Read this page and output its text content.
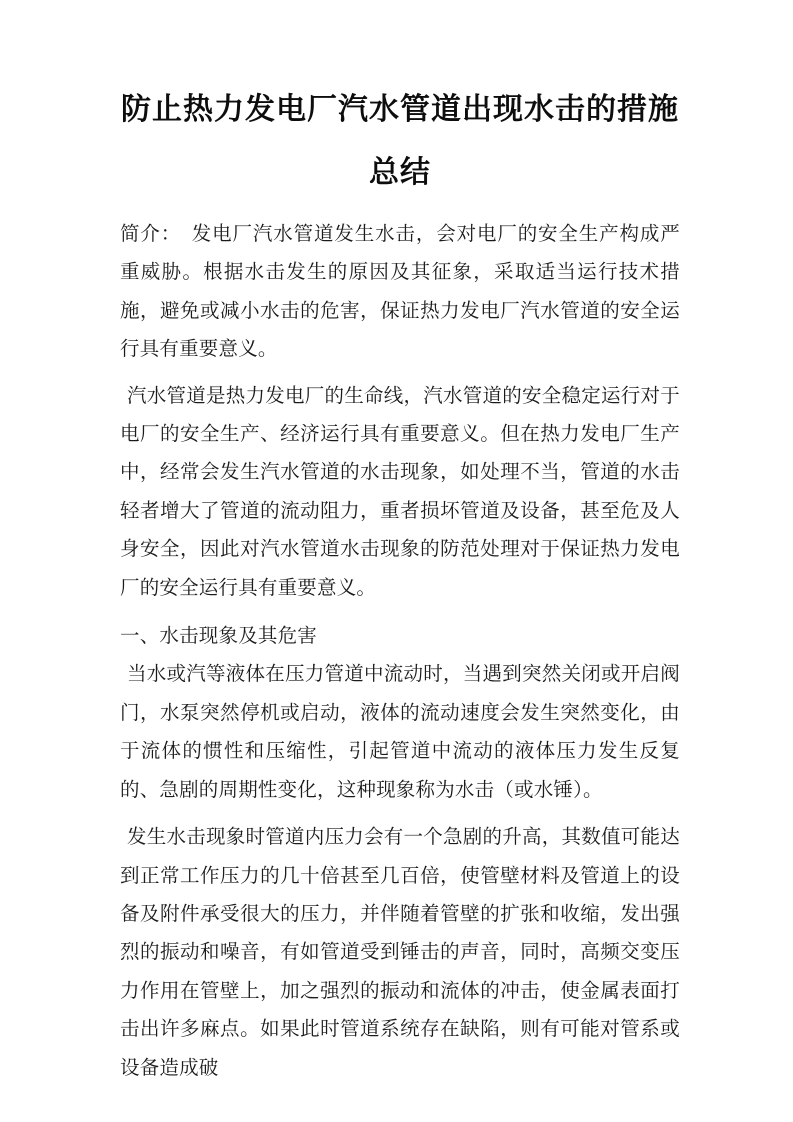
防止热力发电厂汽水管道出现水击的措施
总结

简介：　发电厂汽水管道发生水击，会对电厂的安全生产构成严重威胁。根据水击发生的原因及其征象，采取适当运行技术措施，避免或减小水击的危害，保证热力发电厂汽水管道的安全运行具有重要意义。

汽水管道是热力发电厂的生命线，汽水管道的安全稳定运行对于电厂的安全生产、经济运行具有重要意义。但在热力发电厂生产中，经常会发生汽水管道的水击现象，如处理不当，管道的水击轻者增大了管道的流动阻力，重者损坏管道及设备，甚至危及人身安全，因此对汽水管道水击现象的防范处理对于保证热力发电厂的安全运行具有重要意义。

一、水击现象及其危害

当水或汽等液体在压力管道中流动时，当遇到突然关闭或开启阀门，水泵突然停机或启动，液体的流动速度会发生突然变化，由于流体的惯性和压缩性，引起管道中流动的液体压力发生反复的、急剧的周期性变化，这种现象称为水击（或水锤）。

发生水击现象时管道内压力会有一个急剧的升高，其数值可能达到正常工作压力的几十倍甚至几百倍，使管壁材料及管道上的设备及附件承受很大的压力，并伴随着管壁的扩张和收缩，发出强烈的振动和噪音，有如管道受到锤击的声音，同时，高频交变压力作用在管壁上，加之强烈的振动和流体的冲击，使金属表面打击出许多麻点。如果此时管道系统存在缺陷，则有可能对管系或设备造成破
